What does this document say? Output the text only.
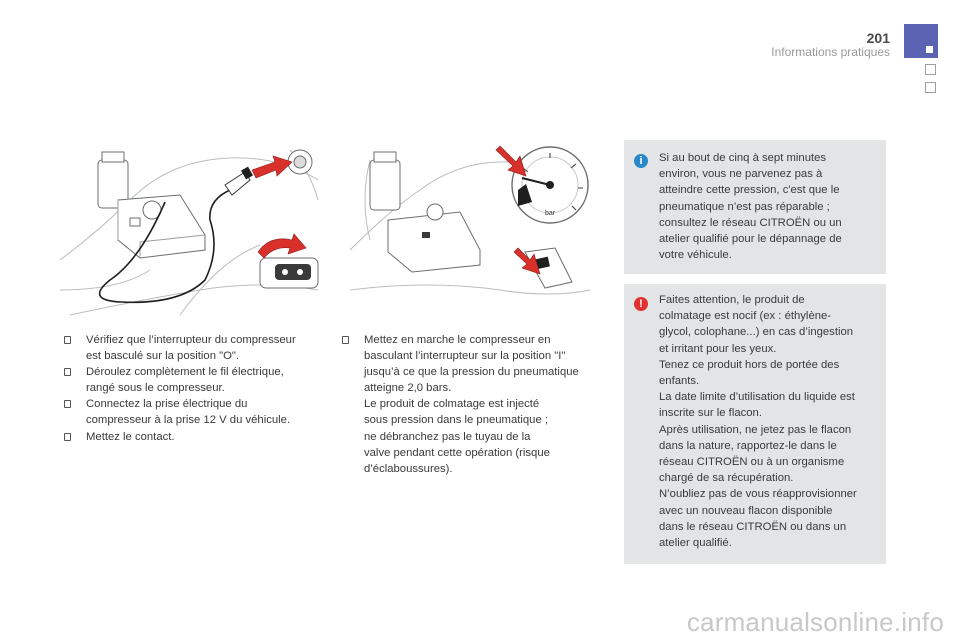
201
Informations pratiques
bar
Vérifiez que l’interrupteur du compresseur
est basculé sur la position "O".
Déroulez complètement le fil électrique,
rangé sous le compresseur.
Connectez la prise électrique du
compresseur à la prise 12 V du véhicule.
Mettez le contact.
Mettez en marche le compresseur en
basculant l’interrupteur sur la position "I"
jusqu’à ce que la pression du pneumatique
atteigne 2,0 bars.
Le produit de colmatage est injecté
sous pression dans le pneumatique ;
ne débranchez pas le tuyau de la
valve pendant cette opération (risque
d’éclaboussures).
i	Si au bout de cinq à sept minutes
environ, vous ne parvenez pas à
atteindre cette pression, c'est que le
pneumatique n’est pas réparable ;
consultez le réseau CITROËN ou un
atelier qualifié pour le dépannage de
votre véhicule.
!	Faites attention, le produit de
colmatage est nocif (ex : éthylène-
glycol, colophane...) en cas d’ingestion
et irritant pour les yeux.
Tenez ce produit hors de portée des
enfants.
La date limite d’utilisation du liquide est
inscrite sur le flacon.
Après utilisation, ne jetez pas le flacon
dans la nature, rapportez-le dans le
réseau CITROËN ou à un organisme
chargé de sa récupération.
N’oubliez pas de vous réapprovisionner
avec un nouveau flacon disponible
dans le réseau CITROËN ou dans un
atelier qualifié.
carmanualsonline.info
